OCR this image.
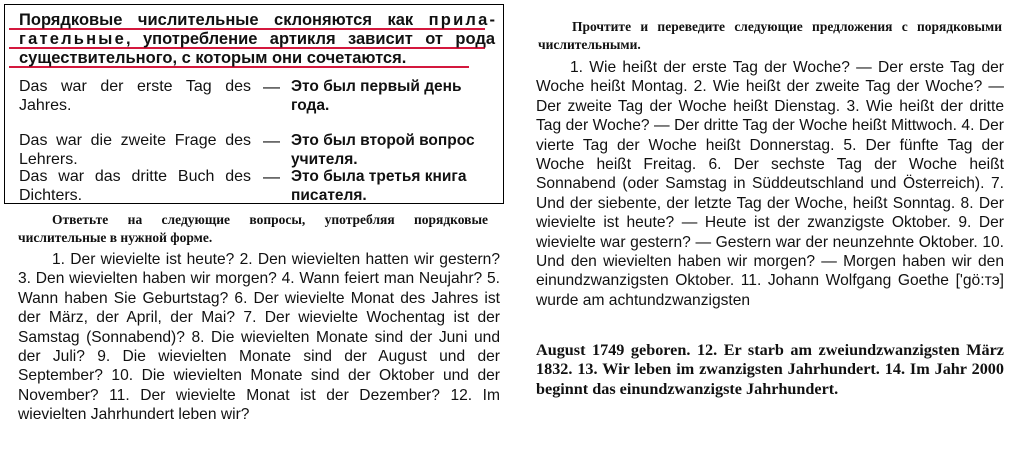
Порядковые числительные склоняются как прилагательные, употребление артикля зависит от рода существительного, с которым они сочетаются.
Das war der erste Tag des Jahres.
— Это был первый день года.
Das war die zweite Frage des Lehrers.
— Это был второй вопрос учителя.
Das war das dritte Buch des Dichters.
— Это была третья книга писателя.
Ответьте на следующие вопросы, употребляя порядковые числительные в нужной форме.

1. Der wievielte ist heute? 2. Den wievielten hatten wir gestern? 3. Den wievielten haben wir morgen? 4. Wann feiert man Neujahr? 5. Wann haben Sie Geburtstag? 6. Der wievielte Monat des Jahres ist der März, der April, der Mai? 7. Der wievielte Wochentag ist der Samstag (Sonnabend)? 8. Die wievielten Monate sind der Juni und der Juli? 9. Die wievielten Monate sind der August und der September? 10. Die wievielten Monate sind der Oktober und der November? 11. Der wievielte Monat ist der Dezember? 12. Im wievielten Jahrhundert leben wir?

Прочтите и переведите следующие предложения с порядковыми числительными.

1. Wie heißt der erste Tag der Woche? — Der erste Tag der Woche heißt Montag. 2. Wie heißt der zweite Tag der Woche? — Der zweite Tag der Woche heißt Dienstag. 3. Wie heißt der dritte Tag der Woche? — Der dritte Tag der Woche heißt Mittwoch. 4. Der vierte Tag der Woche heißt Donnerstag. 5. Der fünfte Tag der Woche heißt Freitag. 6. Der sechste Tag der Woche heißt Sonnabend (oder Samstag in Süddeutschland und Österreich). 7. Und der siebente, der letzte Tag der Woche, heißt Sonntag. 8. Der wievielte ist heute? — Heute ist der zwanzigste Oktober. 9. Der wievielte war gestern? — Gestern war der neunzehnte Oktober. 10. Und den wievielten haben wir morgen? — Morgen haben wir den einundzwanzigsten Oktober. 11. Johann Wolfgang Goethe ['gö:тэ] wurde am achtundzwanzigsten

August 1749 geboren. 12. Er starb am zweiundzwanzigsten März 1832. 13. Wir leben im zwanzigsten Jahrhundert. 14. Im Jahr 2000 beginnt das einundzwanzigste Jahrhundert.
